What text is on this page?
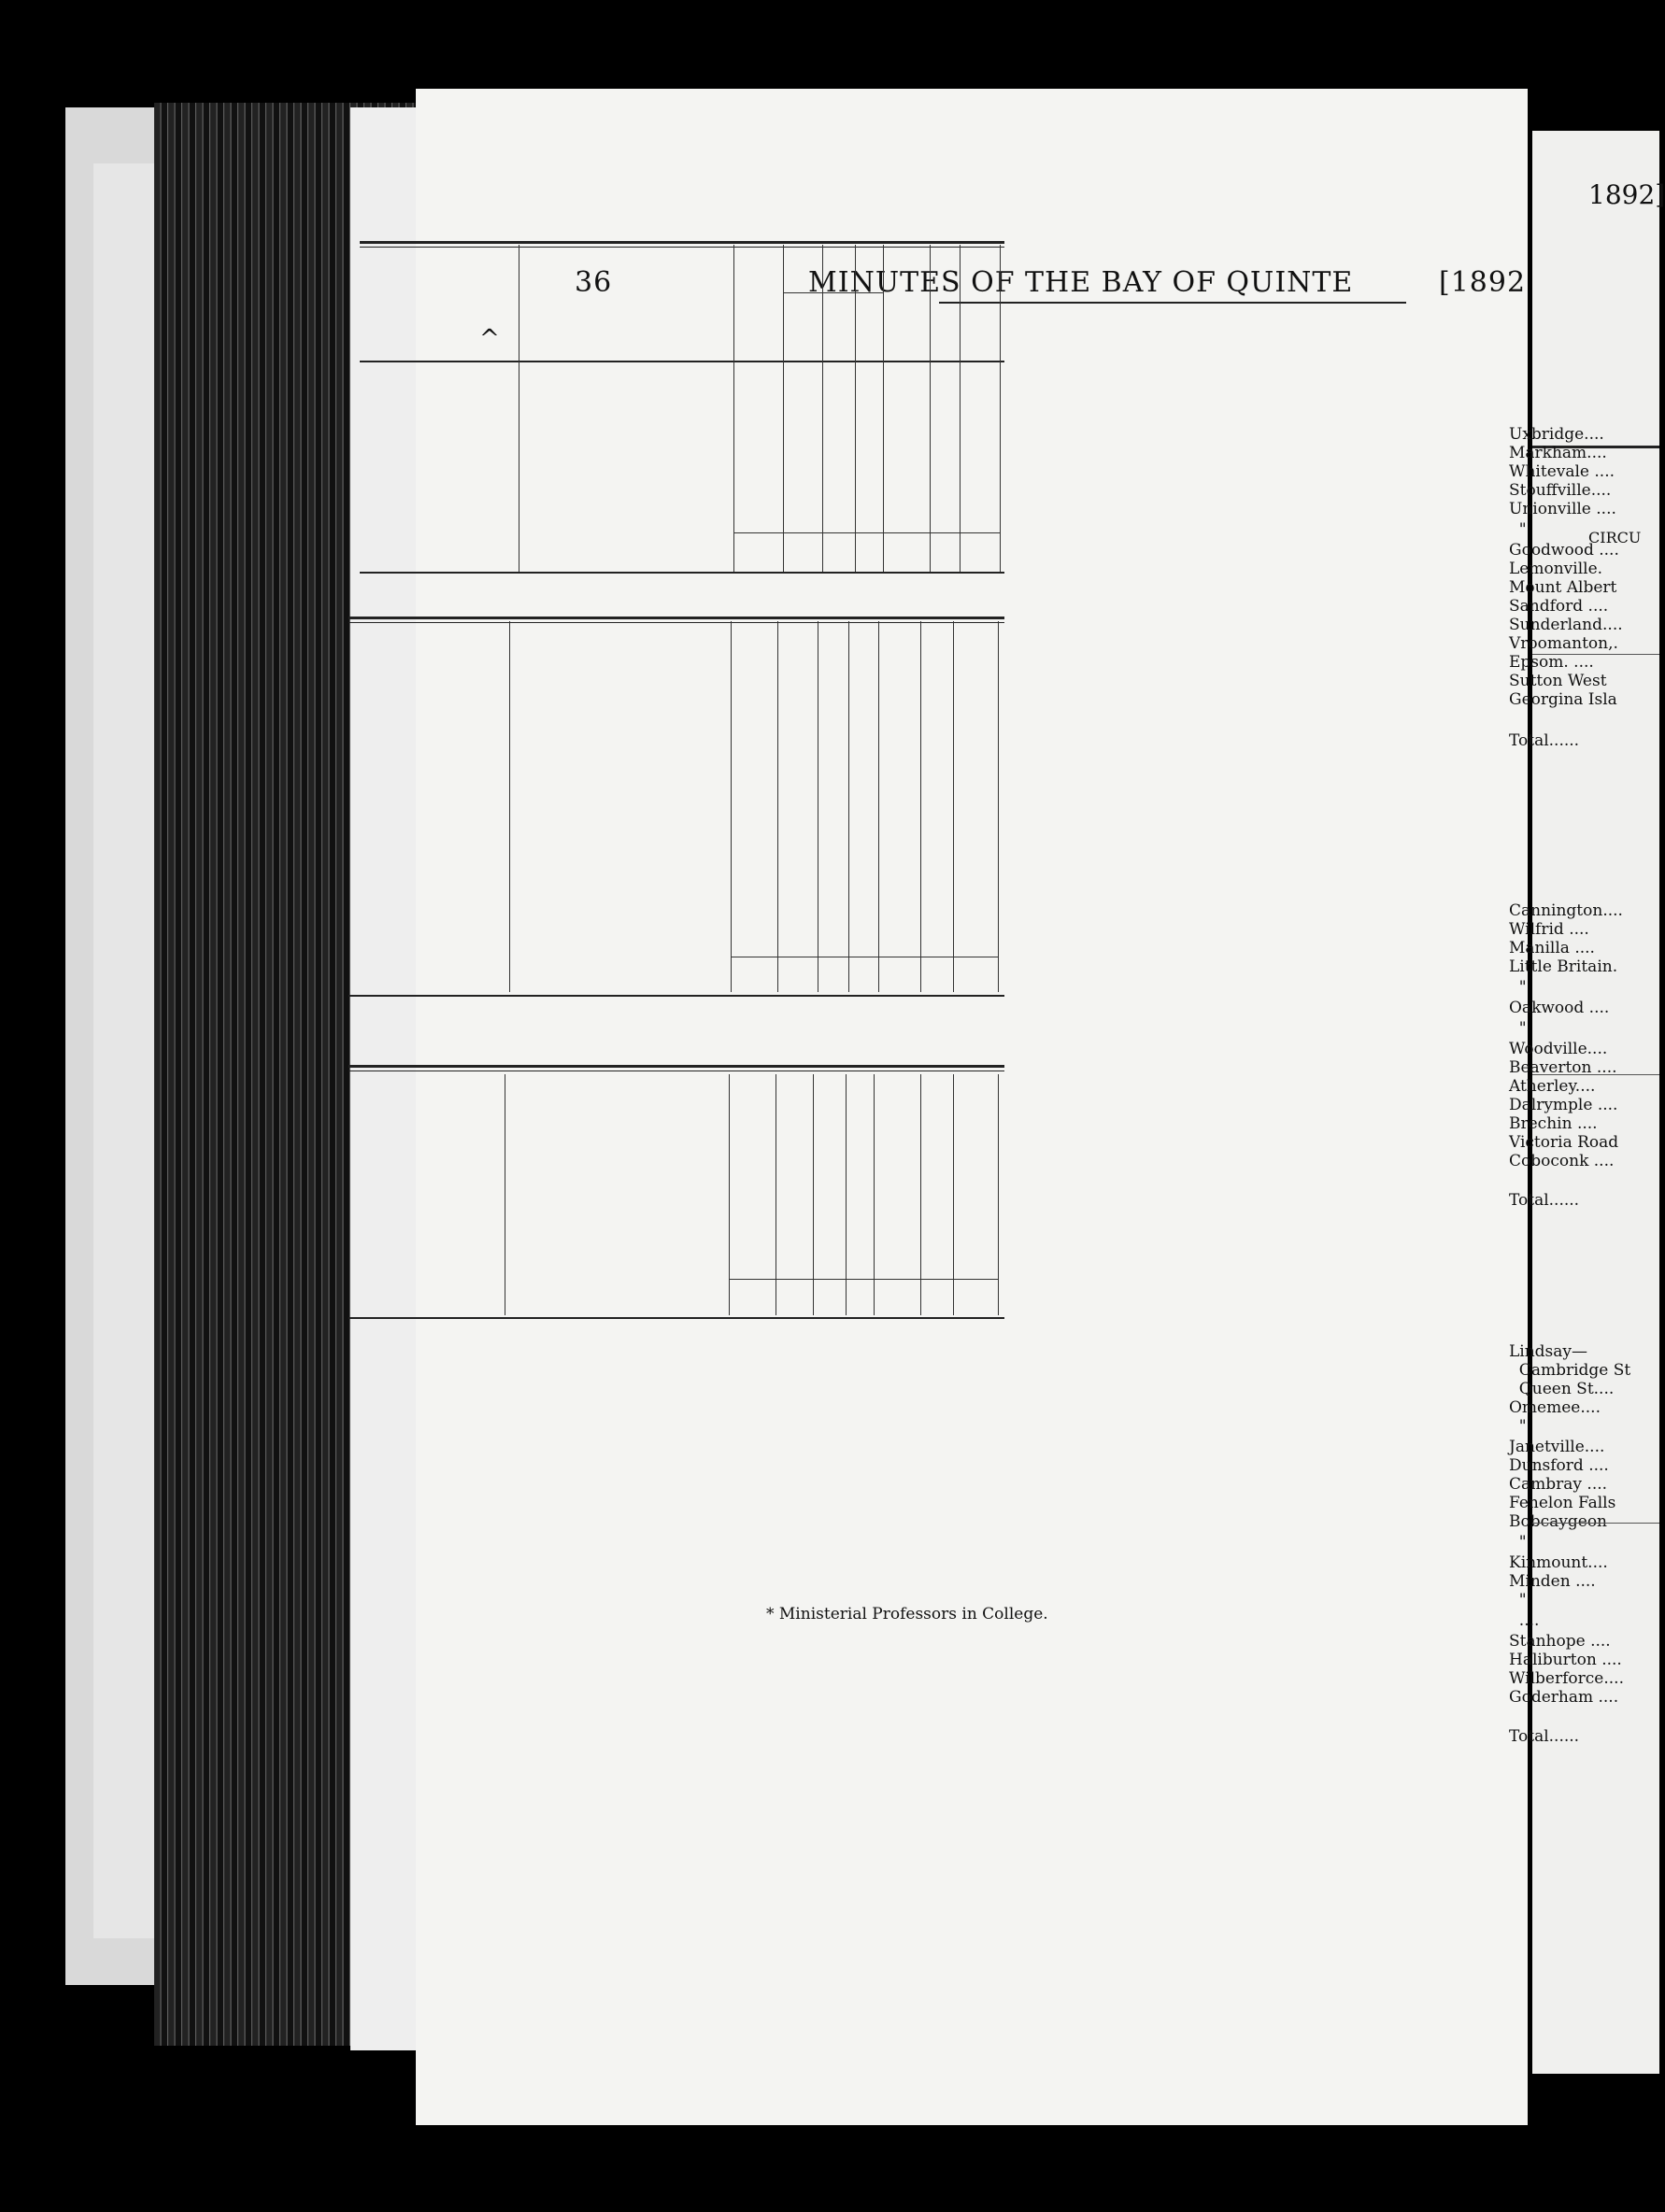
36	MINUTES OF THE BAY OF QUINTE	[1892
^
* Ministerial Professors in College.
1892]
CIRCU
Uxbridge....
Markham....
Whitevale ....
Stouffville....
Unionville ....
"
Goodwood ....
Lemonville.
Mount Albert
Sandford ....
Sunderland....
Vroomanton,.
Epsom. ....
Sutton West
Georgina Isla
Total......
Cannington....
Wilfrid ....
Manilla ....
Little Britain.
"
Oakwood ....
"
Woodville....
Beaverton ....
Atherley....
Dalrymple ....
Brechin ....
Victoria Road
Coboconk ....
Total......
Lindsay—
Cambridge St
Queen St....
Omemee....
"
Janetville....
Dunsford ....
Cambray ....
Fenelon Falls
Bobcaygeon
"
Kinmount....
Minden ....
"
....
Stanhope ....
Haliburton ....
Wilberforce....
Goderham ....
Total......
